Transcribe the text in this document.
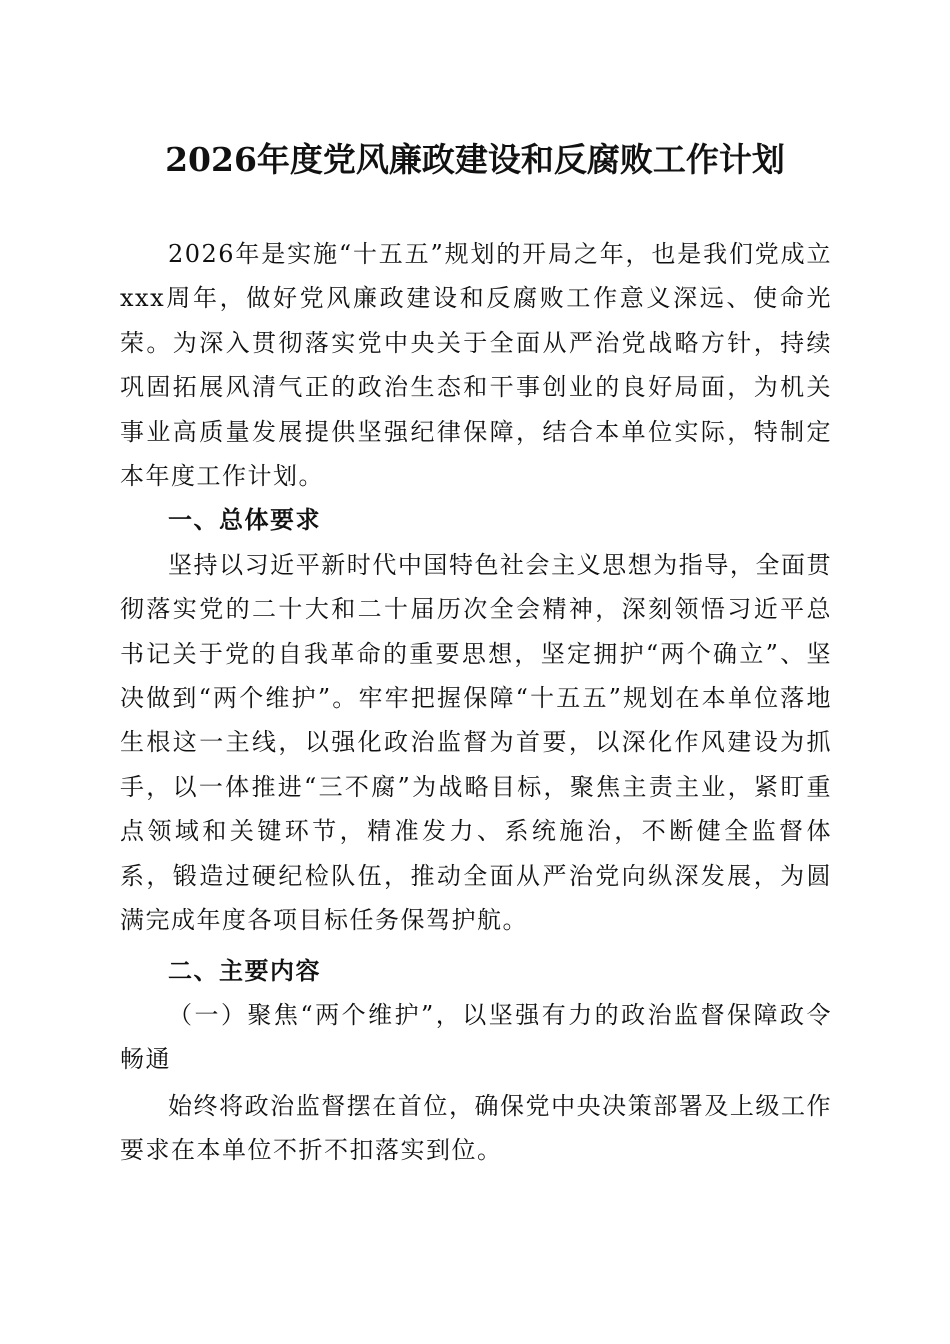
2026年度党风廉政建设和反腐败工作计划

2026年是实施“十五五”规划的开局之年，也是我们党成立xxx周年，做好党风廉政建设和反腐败工作意义深远、使命光荣。为深入贯彻落实党中央关于全面从严治党战略方针，持续巩固拓展风清气正的政治生态和干事创业的良好局面，为机关事业高质量发展提供坚强纪律保障，结合本单位实际，特制定本年度工作计划。

一、总体要求

坚持以习近平新时代中国特色社会主义思想为指导，全面贯彻落实党的二十大和二十届历次全会精神，深刻领悟习近平总书记关于党的自我革命的重要思想，坚定拥护“两个确立”、坚决做到“两个维护”。牢牢把握保障“十五五”规划在本单位落地生根这一主线，以强化政治监督为首要，以深化作风建设为抓手，以一体推进“三不腐”为战略目标，聚焦主责主业，紧盯重点领域和关键环节，精准发力、系统施治，不断健全监督体系，锻造过硬纪检队伍，推动全面从严治党向纵深发展，为圆满完成年度各项目标任务保驾护航。

二、主要内容

（一）聚焦“两个维护”，以坚强有力的政治监督保障政令畅通

始终将政治监督摆在首位，确保党中央决策部署及上级工作要求在本单位不折不扣落实到位。
